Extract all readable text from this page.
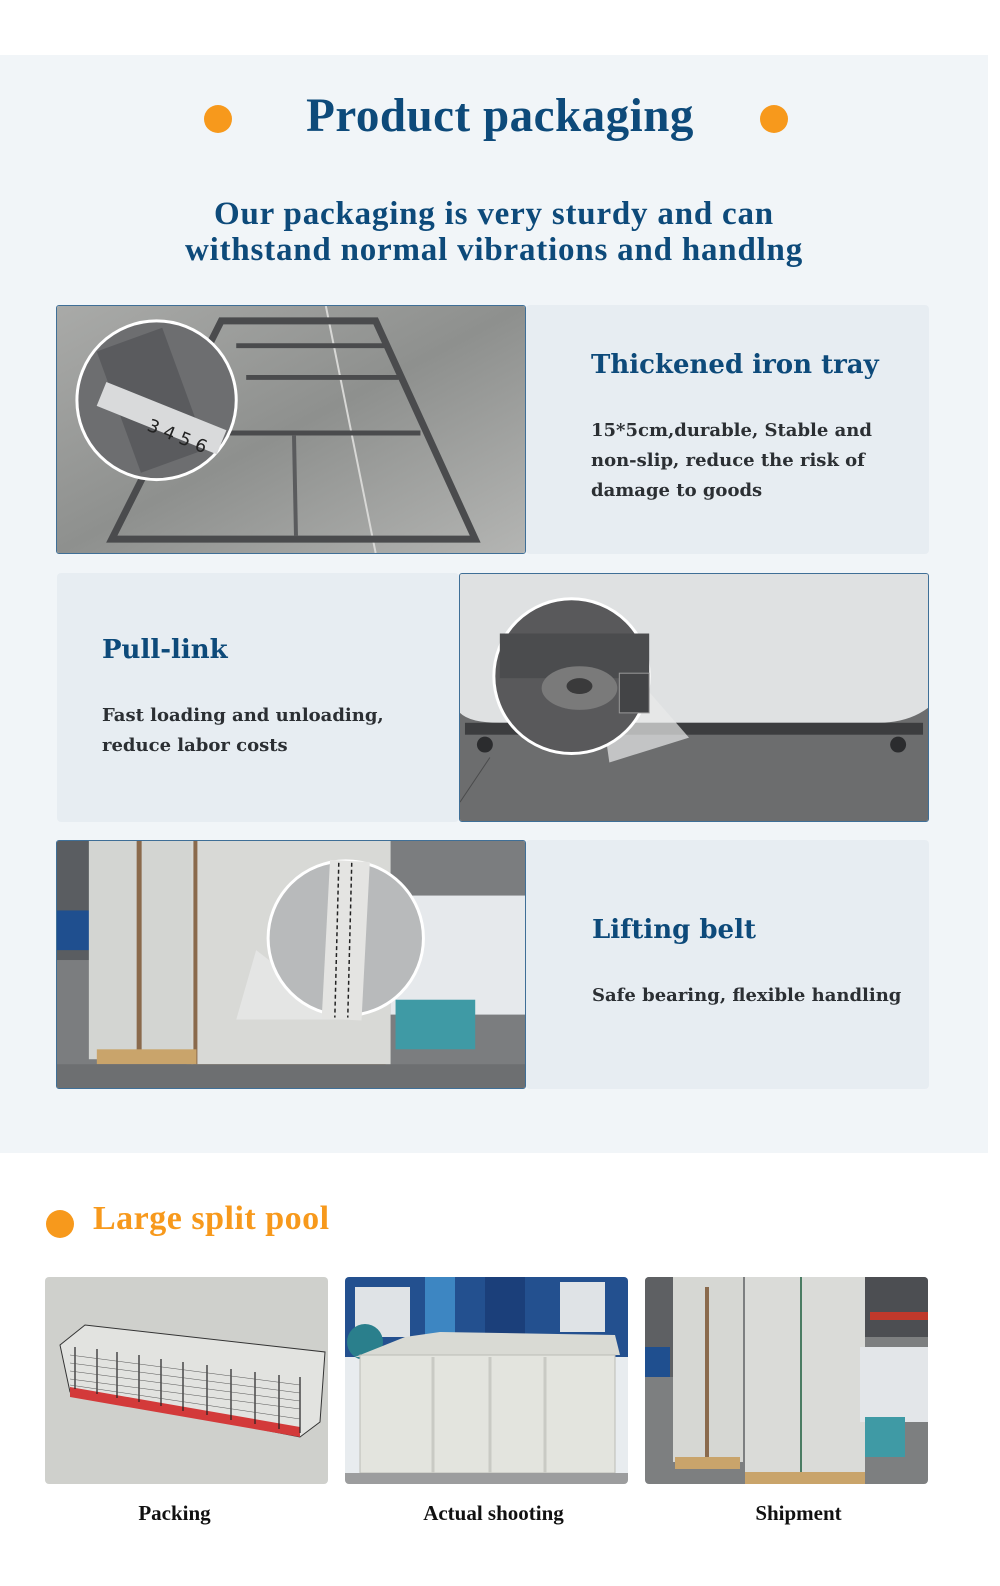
Product packaging
Our packaging is very sturdy and can
withstand normal vibrations and handlng
3 4 5 6
Thickened iron tray
15*5cm,durable, Stable and non-slip, reduce the risk of damage to goods
Pull-link
Fast loading and unloading, reduce labor costs
Lifting belt
Safe bearing, flexible handling
Large split pool
Packing	Actual shooting	Shipment
